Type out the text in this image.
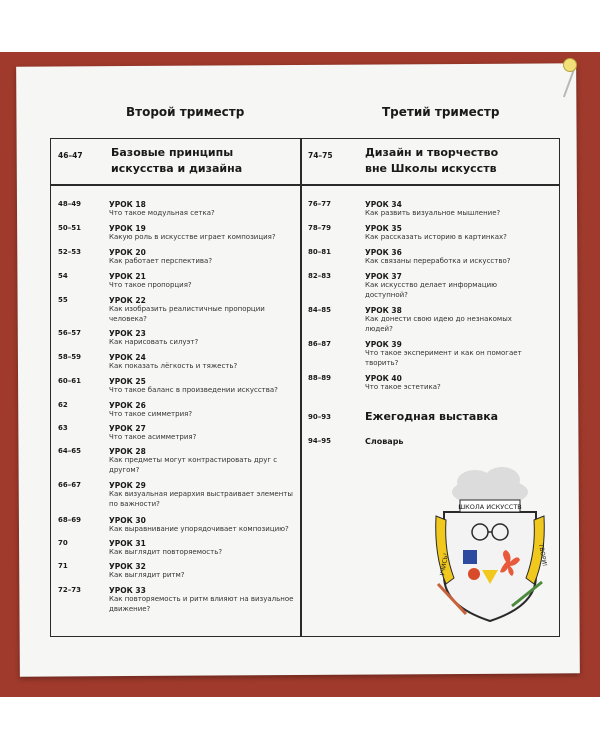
Второй триместр	Третий триместр
46–47	Базовые принципы
искусства и дизайна
74–75	Дизайн и творчество
вне Школы искусств
48–49	УРОК 18
Что такое модульная сетка?
50–51	УРОК 19
Какую роль в искусстве играет композиция?
52–53	УРОК 20
Как работает перспектива?
54	УРОК 21
Что такое пропорция?
55	УРОК 22
Как изобразить реалистичные пропорции человека?
56–57	УРОК 23
Как нарисовать силуэт?
58–59	УРОК 24
Как показать лёгкость и тяжесть?
60–61	УРОК 25
Что такое баланс в произведении искусства?
62	УРОК 26
Что такое симметрия?
63	УРОК 27
Что такое асимметрия?
64–65	УРОК 28
Как предметы могут контрастировать друг с другом?
66–67	УРОК 29
Как визуальная иерархия выстраивает элементы по важности?
68–69	УРОК 30
Как выравнивание упорядочивает композицию?
70	УРОК 31
Как выглядит повторяемость?
71	УРОК 32
Как выглядит ритм?
72–73	УРОК 33
Как повторяемость и ритм влияют на визуальное движение?
76–77	УРОК 34
Как развить визуальное мышление?
78–79	УРОК 35
Как рассказать историю в картинках?
80–81	УРОК 36
Как связаны переработка и искусство?
82–83	УРОК 37
Как искусство делает информацию доступной?
84–85	УРОК 38
Как донести свою идею до незнакомых людей?
86–87	УРОК 39
Что такое эксперимент и как он помогает творить?
88–89	УРОК 40
Что такое эстетика?
90–93	Ежегодная выставка
94–95	Словарь
ШКОЛА ИСКУССТВ
УЧИСЬ!	ТВОРИ!
